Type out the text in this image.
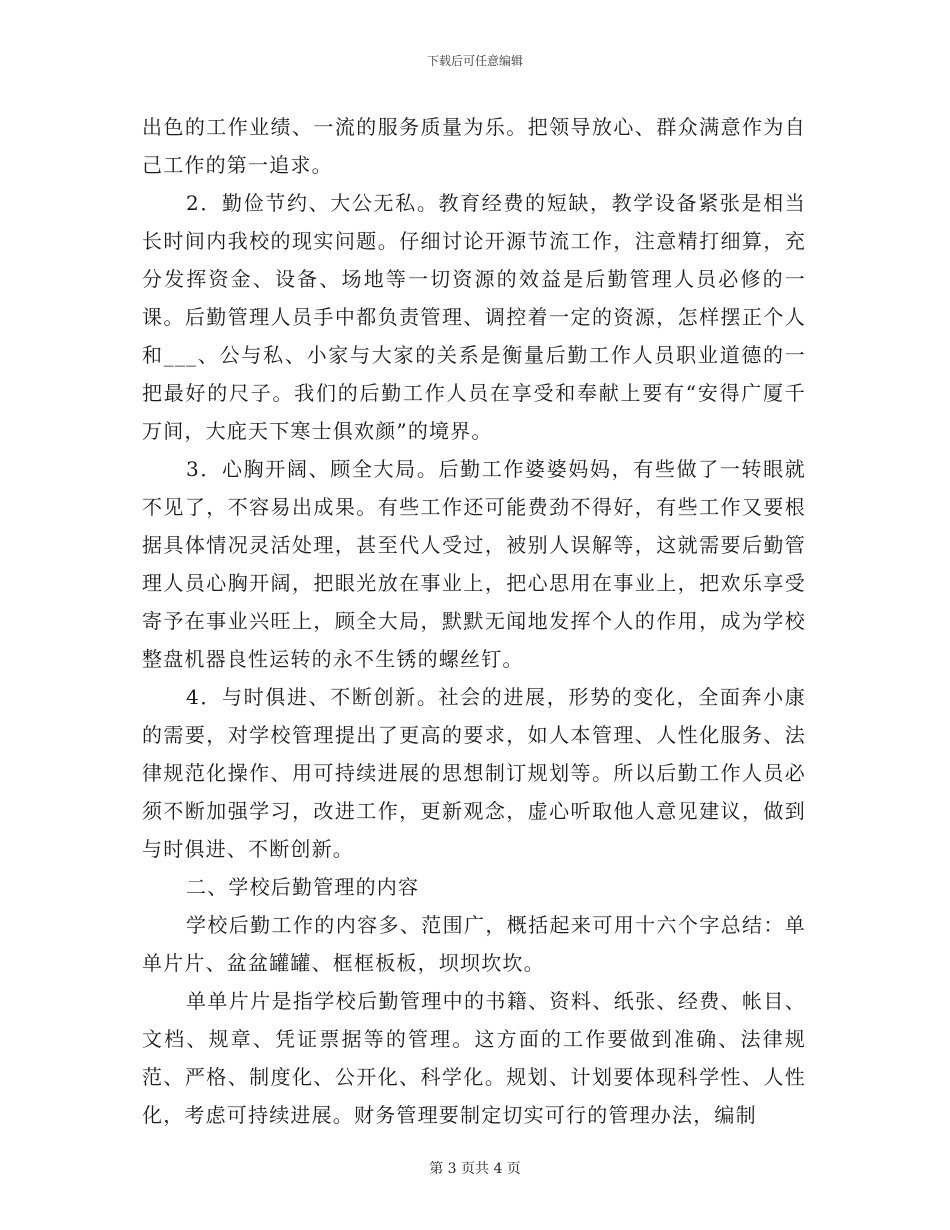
下载后可任意编辑

出色的工作业绩、一流的服务质量为乐。把领导放心、群众满意作为自己工作的第一追求。

2．勤俭节约、大公无私。教育经费的短缺，教学设备紧张是相当长时间内我校的现实问题。仔细讨论开源节流工作，注意精打细算，充分发挥资金、设备、场地等一切资源的效益是后勤管理人员必修的一课。后勤管理人员手中都负责管理、调控着一定的资源，怎样摆正个人和___、公与私、小家与大家的关系是衡量后勤工作人员职业道德的一把最好的尺子。我们的后勤工作人员在享受和奉献上要有“安得广厦千万间，大庇天下寒士俱欢颜”的境界。

3．心胸开阔、顾全大局。后勤工作婆婆妈妈，有些做了一转眼就不见了，不容易出成果。有些工作还可能费劲不得好，有些工作又要根据具体情况灵活处理，甚至代人受过，被别人误解等，这就需要后勤管理人员心胸开阔，把眼光放在事业上，把心思用在事业上，把欢乐享受寄予在事业兴旺上，顾全大局，默默无闻地发挥个人的作用，成为学校整盘机器良性运转的永不生锈的螺丝钉。

4．与时俱进、不断创新。社会的进展，形势的变化，全面奔小康的需要，对学校管理提出了更高的要求，如人本管理、人性化服务、法律规范化操作、用可持续进展的思想制订规划等。所以后勤工作人员必须不断加强学习，改进工作，更新观念，虚心听取他人意见建议，做到与时俱进、不断创新。

二、学校后勤管理的内容

学校后勤工作的内容多、范围广，概括起来可用十六个字总结：单单片片、盆盆罐罐、框框板板，坝坝坎坎。

单单片片是指学校后勤管理中的书籍、资料、纸张、经费、帐目、文档、规章、凭证票据等的管理。这方面的工作要做到准确、法律规范、严格、制度化、公开化、科学化。规划、计划要体现科学性、人性化，考虑可持续进展。财务管理要制定切实可行的管理办法，编制

第 3 页共 4 页
